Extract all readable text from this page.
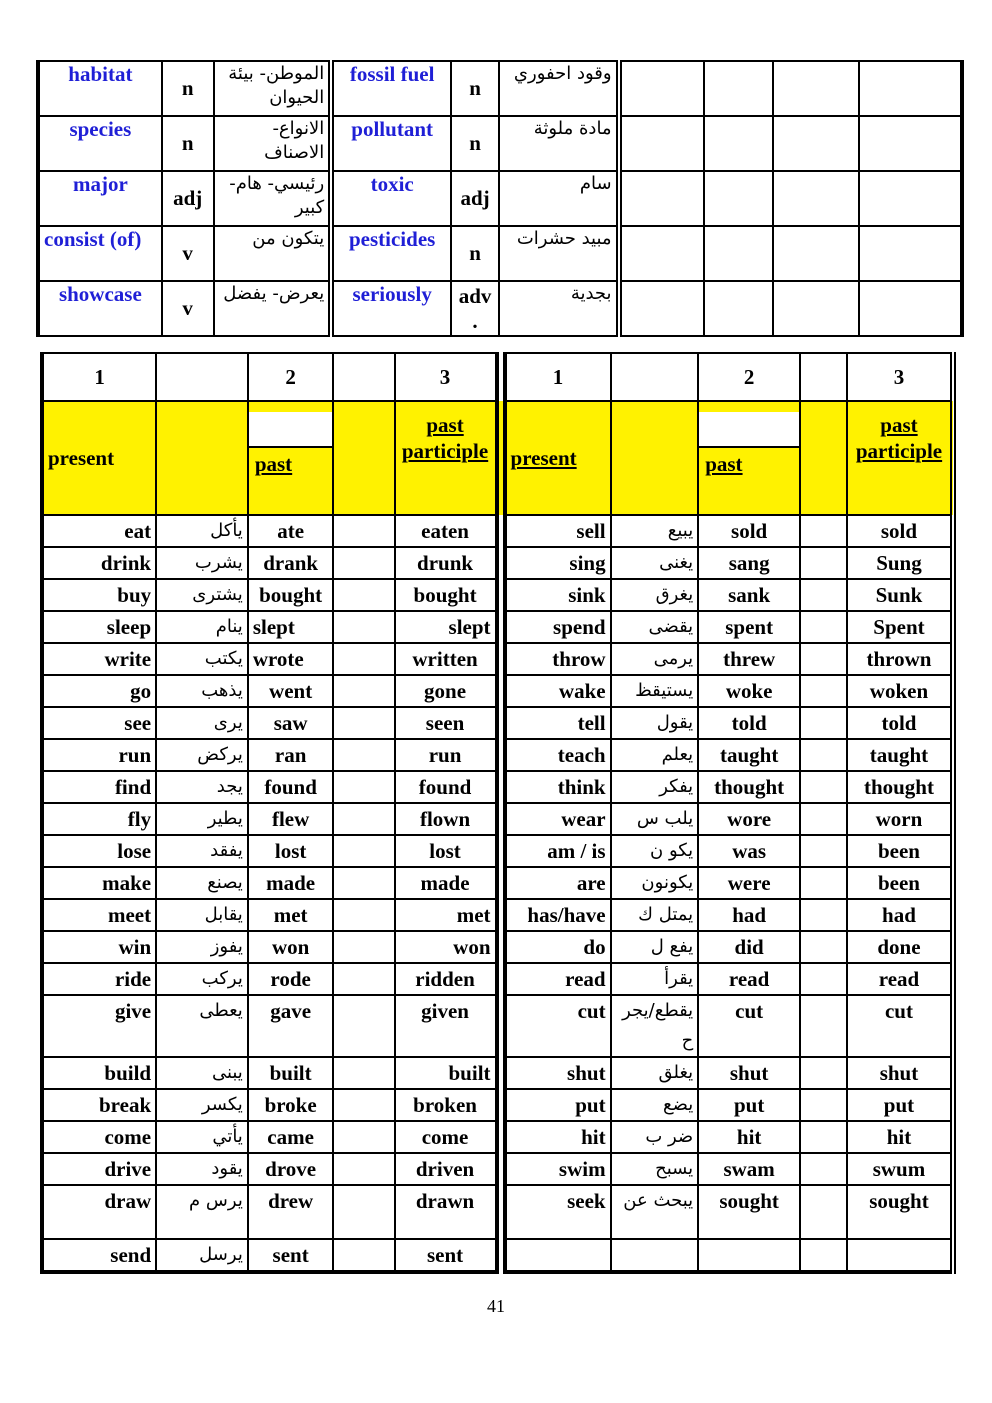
habitat	n	الموطن- بيئة الحيوان	fossil fuel	n	وقود احفوري				
species	n	الانواع- الاصناف	pollutant	n	مادة ملوثة				
major	adj	رئيسي- هام- كبير	toxic	adj	سام				
consist (of)	v	يتكون من	pesticides	n	مبيد حشرات				
showcase	v	يعرض- يفضل	seriously	adv .	بجدية				
1		2		3	1		2		3
present		past		past participle	present		past		past participle
eat	يأكل	ate		eaten	sell	يبيع	sold		sold
drink	يشرب	drank		drunk	sing	يغنى	sang		Sung
buy	يشترى	bought		bought	sink	يغرق	sank		Sunk
sleep	ينام	slept		slept	spend	يقضى	spent		Spent
write	يكتب	wrote		written	throw	يرمى	threw		thrown
go	يذهب	went		gone	wake	يستيقظ	woke		woken
see	يرى	saw		seen	tell	يقول	told		told
run	يركض	ran		run	teach	يعلم	taught		taught
find	يجد	found		found	think	يفكر	thought		thought
fly	يطير	flew		flown	wear	يلب س	wore		worn
lose	يفقد	lost		lost	am / is	يكو ن	was		been
make	يصنع	made		made	are	يكونون	were		been
meet	يقابل	met		met	has/have	يمتل ك	had		had
win	يفوز	won		won	do	يفع ل	did		done
ride	يركب	rode		ridden	read	يقرأ	read		read
give	يعطى	gave		given	cut	يقطع/يجر ح	cut		cut
build	يبنى	built		built	shut	يغلق	shut		shut
break	يكسر	broke		broken	put	يضع	put		put
come	يأتي	came		come	hit	ضر ب	hit		hit
drive	يقود	drove		driven	swim	يسبح	swam		swum
draw	يرس م	drew		drawn	seek	يبحث عن	sought		sought
send	يرسل	sent		sent					
41
